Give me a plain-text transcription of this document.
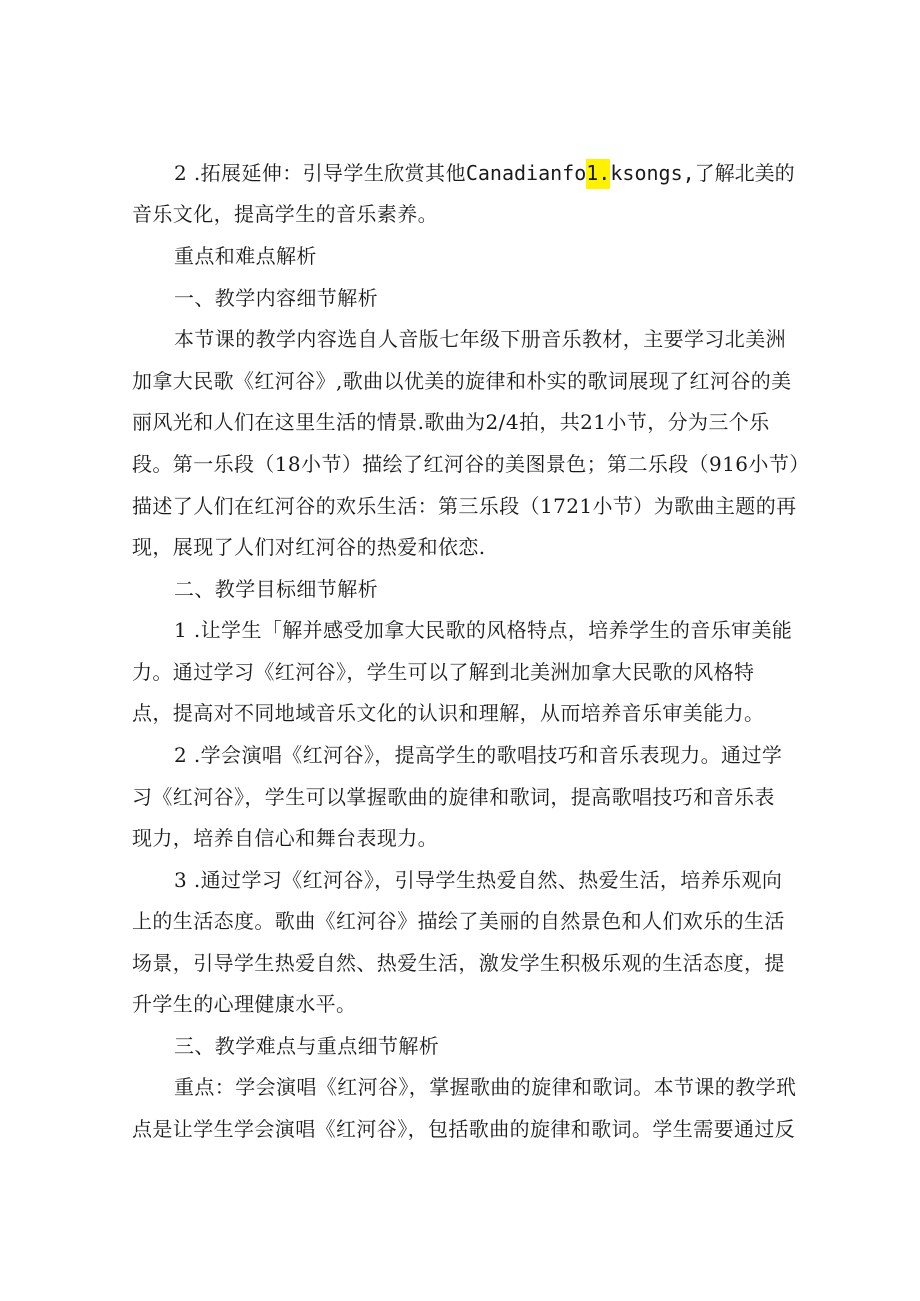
2 .拓展延伸：引导学生欣赏其他Canadianfo1.ksongs,了解北美的
音乐文化，提高学生的音乐素养。
重点和难点解析
一、教学内容细节解析
本节课的教学内容选自人音版七年级下册音乐教材，主要学习北美洲
加拿大民歌《红河谷》,歌曲以优美的旋律和朴实的歌词展现了红河谷的美
丽风光和人们在这里生活的情景.歌曲为2/4拍，共21小节，分为三个乐
段。第一乐段（18小节）描绘了红河谷的美图景色；第二乐段（916小节）
描述了人们在红河谷的欢乐生活：第三乐段（1721小节）为歌曲主题的再
现，展现了人们对红河谷的热爱和依恋.
二、教学目标细节解析
1 .让学生「解并感受加拿大民歌的风格特点，培养学生的音乐审美能
力。通过学习《红河谷》，学生可以了解到北美洲加拿大民歌的风格特
点，提高对不同地域音乐文化的认识和理解，从而培养音乐审美能力。
2 .学会演唱《红河谷》，提高学生的歌唱技巧和音乐表现力。通过学
习《红河谷》，学生可以掌握歌曲的旋律和歌词，提高歌唱技巧和音乐表
现力，培养自信心和舞台表现力。
3 .通过学习《红河谷》，引导学生热爱自然、热爱生活，培养乐观向
上的生活态度。歌曲《红河谷》描绘了美丽的自然景色和人们欢乐的生活
场景，引导学生热爱自然、热爱生活，激发学生积极乐观的生活态度，提
升学生的心理健康水平。
三、教学难点与重点细节解析
重点：学会演唱《红河谷》，掌握歌曲的旋律和歌词。本节课的教学玳
点是让学生学会演唱《红河谷》，包括歌曲的旋律和歌词。学生需要通过反
